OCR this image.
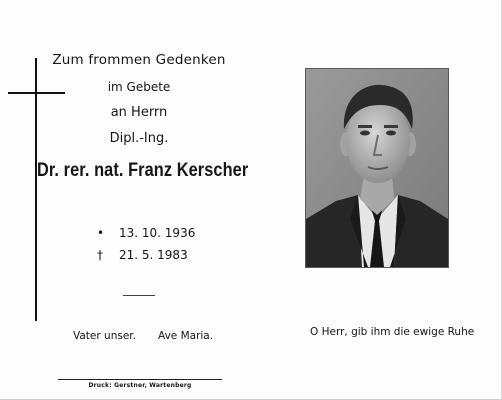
Zum frommen Gedenken
im Gebete
an Herrn
Dipl.-Ing.
Dr. rer. nat. Franz Kerscher
• 13. 10. 1936
† 21. 5. 1983
Vater unser. Ave Maria.	O Herr, gib ihm die ewige Ruhe
Druck: Gerstner, Wartenberg
